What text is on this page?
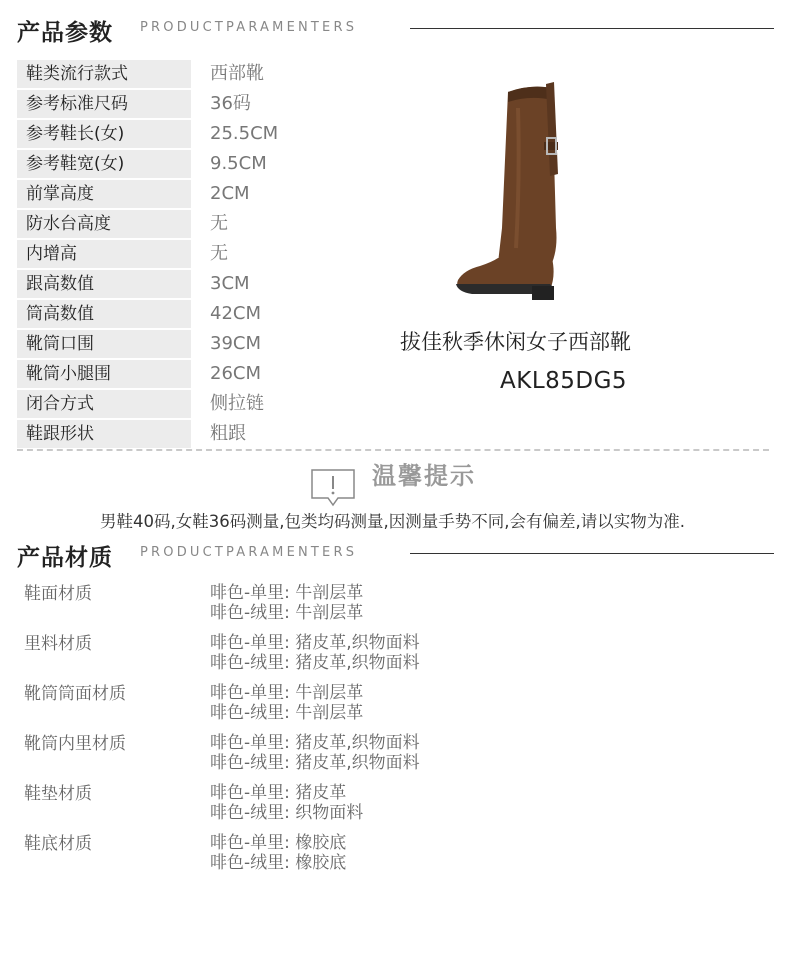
产品参数 PRODUCTPARAMENTERS
鞋类流行款式	西部靴
参考标准尺码	36码
参考鞋长(女)	25.5CM
参考鞋宽(女)	9.5CM
前掌高度	2CM
防水台高度	无
内增高	无
跟高数值	3CM
筒高数值	42CM
靴筒口围	39CM
靴筒小腿围	26CM
闭合方式	侧拉链
鞋跟形状	粗跟
拔佳秋季休闲女子西部靴
AKL85DG5
温馨提示
男鞋40码,女鞋36码测量,包类均码测量,因测量手势不同,会有偏差,请以实物为准.
产品材质 PRODUCTPARAMENTERS
鞋面材质	啡色-单里: 牛剖层革
啡色-绒里: 牛剖层革
里料材质	啡色-单里: 猪皮革,织物面料
啡色-绒里: 猪皮革,织物面料
靴筒筒面材质	啡色-单里: 牛剖层革
啡色-绒里: 牛剖层革
靴筒内里材质	啡色-单里: 猪皮革,织物面料
啡色-绒里: 猪皮革,织物面料
鞋垫材质	啡色-单里: 猪皮革
啡色-绒里: 织物面料
鞋底材质	啡色-单里: 橡胶底
啡色-绒里: 橡胶底
